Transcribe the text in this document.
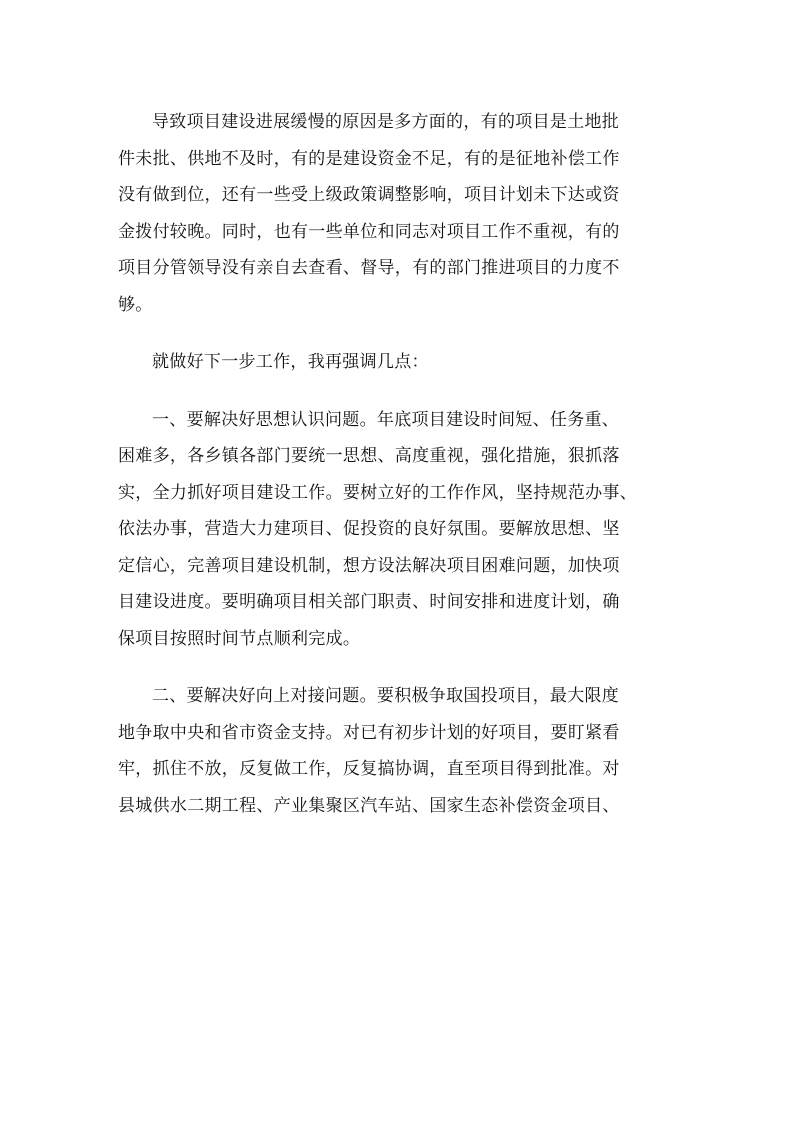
导致项目建设进展缓慢的原因是多方面的，有的项目是土地批
件未批、供地不及时，有的是建设资金不足，有的是征地补偿工作
没有做到位，还有一些受上级政策调整影响，项目计划未下达或资
金拨付较晚。同时，也有一些单位和同志对项目工作不重视，有的
项目分管领导没有亲自去查看、督导，有的部门推进项目的力度不
够。
就做好下一步工作，我再强调几点：
一、要解决好思想认识问题。年底项目建设时间短、任务重、
困难多，各乡镇各部门要统一思想、高度重视，强化措施，狠抓落
实，全力抓好项目建设工作。要树立好的工作作风，坚持规范办事、
依法办事，营造大力建项目、促投资的良好氛围。要解放思想、坚
定信心，完善项目建设机制，想方设法解决项目困难问题，加快项
目建设进度。要明确项目相关部门职责、时间安排和进度计划，确
保项目按照时间节点顺利完成。
二、要解决好向上对接问题。要积极争取国投项目，最大限度
地争取中央和省市资金支持。对已有初步计划的好项目，要盯紧看
牢，抓住不放，反复做工作，反复搞协调，直至项目得到批准。对
县城供水二期工程、产业集聚区汽车站、国家生态补偿资金项目、
